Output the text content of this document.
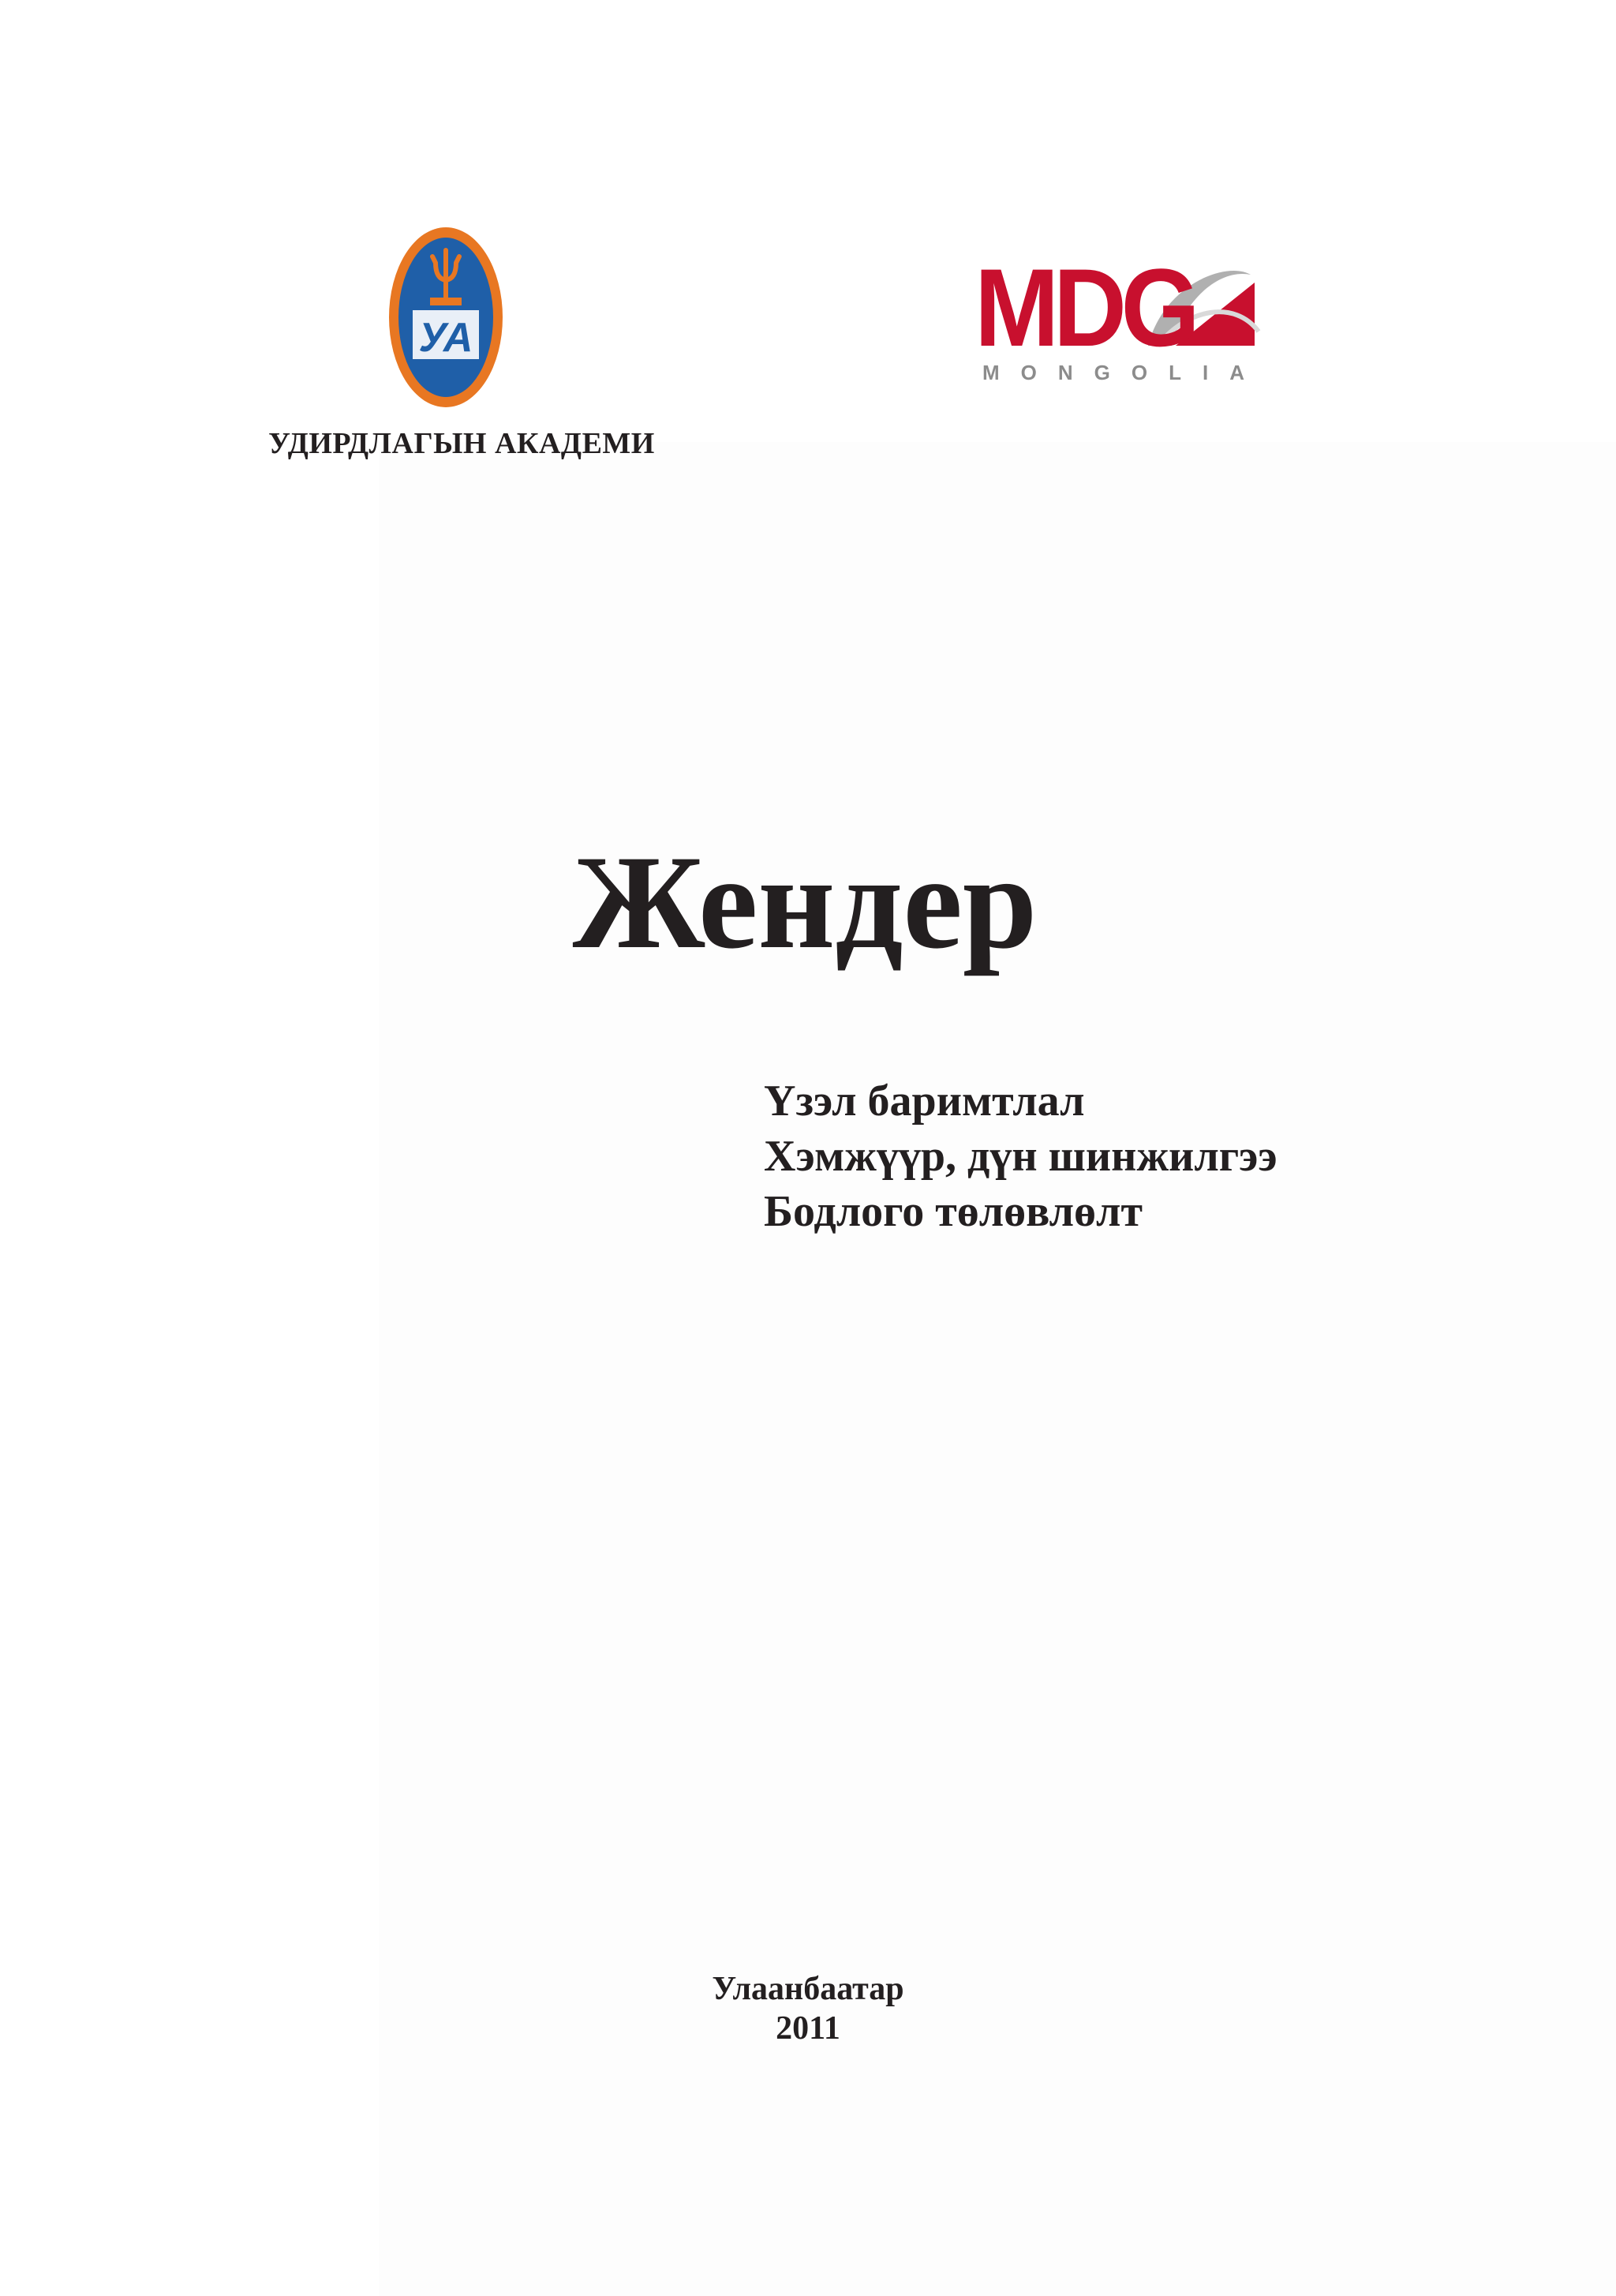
УА
УДИРДЛАГЫН АКАДЕМИ
MDG
MONGOLIA
Жендер
Үзэл баримтлал
Хэмжүүр, дүн шинжилгээ
Бодлого төлөвлөлт
Улаанбаатар
2011
